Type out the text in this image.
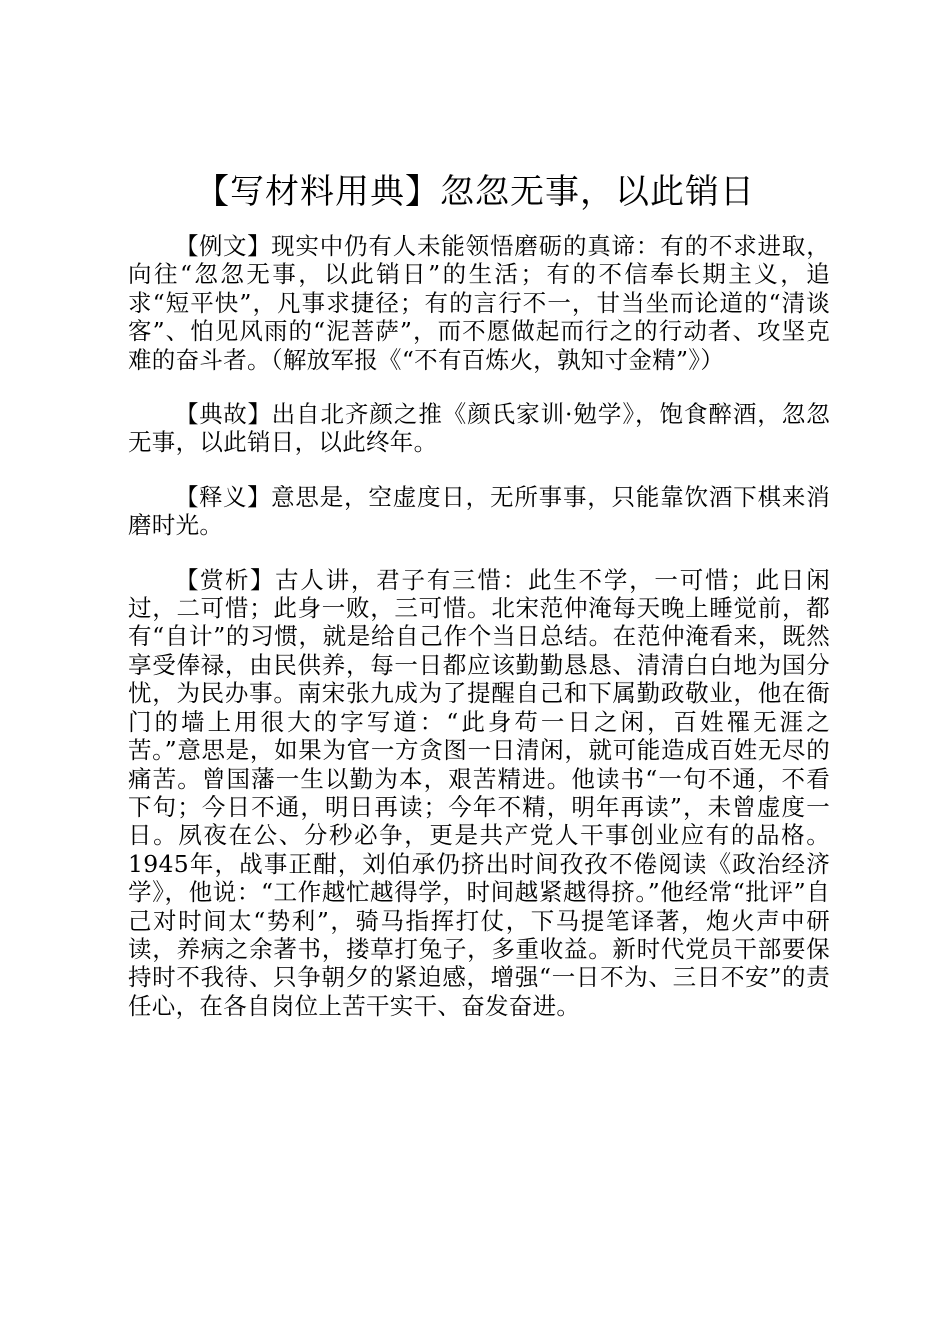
【写材料用典】忽忽无事，以此销日

【例文】现实中仍有人未能领悟磨砺的真谛：有的不求进取，向往“忽忽无事，以此销日”的生活；有的不信奉长期主义，追求“短平快”，凡事求捷径；有的言行不一，甘当坐而论道的“清谈客”、怕见风雨的“泥菩萨”，而不愿做起而行之的行动者、攻坚克难的奋斗者。（解放军报《“不有百炼火，孰知寸金精”》）

【典故】出自北齐颜之推《颜氏家训·勉学》，饱食醉酒，忽忽无事，以此销日，以此终年。

【释义】意思是，空虚度日，无所事事，只能靠饮酒下棋来消磨时光。

【赏析】古人讲，君子有三惜：此生不学，一可惜；此日闲过，二可惜；此身一败，三可惜。北宋范仲淹每天晚上睡觉前，都有“自计”的习惯，就是给自己作个当日总结。在范仲淹看来，既然享受俸禄，由民供养，每一日都应该勤勤恳恳、清清白白地为国分忧，为民办事。南宋张九成为了提醒自己和下属勤政敬业，他在衙门的墙上用很大的字写道：“此身苟一日之闲，百姓罹无涯之苦。”意思是，如果为官一方贪图一日清闲，就可能造成百姓无尽的痛苦。曾国藩一生以勤为本，艰苦精进。他读书“一句不通，不看下句；今日不通，明日再读；今年不精，明年再读”，未曾虚度一日。夙夜在公、分秒必争，更是共产党人干事创业应有的品格。1945年，战事正酣，刘伯承仍挤出时间孜孜不倦阅读《政治经济学》，他说：“工作越忙越得学，时间越紧越得挤。”他经常“批评”自己对时间太“势利”，骑马指挥打仗，下马提笔译著，炮火声中研读，养病之余著书，搂草打兔子，多重收益。新时代党员干部要保持时不我待、只争朝夕的紧迫感，增强“一日不为、三日不安”的责任心，在各自岗位上苦干实干、奋发奋进。
